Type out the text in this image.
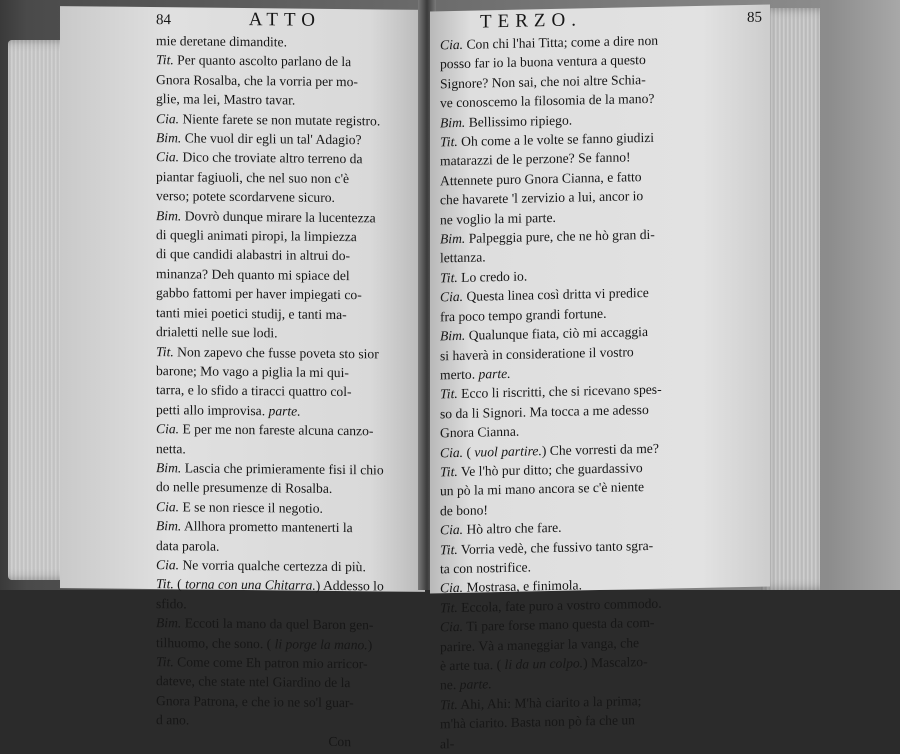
84	ATTO
mie deretane dimandite.
Tit. Per quanto ascolto parlano de la
Gnora Rosalba, che la vorria per mo-
glie, ma lei, Mastro tavar.
Cia. Niente farete se non mutate registro.
Bim. Che vuol dir egli un tal' Adagio?
Cia. Dico che troviate altro terreno da
piantar fagiuoli, che nel suo non c'è
verso; potete scordarvene sicuro.
Bim. Dovrò dunque mirare la lucentezza
di quegli animati piropi, la limpiezza
di que candidi alabastri in altrui do-
minanza? Deh quanto mi spiace del
gabbo fattomi per haver impiegati co-
tanti miei poetici studij, e tanti ma-
drialetti nelle sue lodi.
Tit. Non zapevo che fusse poveta sto sior
barone; Mo vago a piglia la mi qui-
tarra, e lo sfido a tiracci quattro col-
petti allo improvisa. parte.
Cia. E per me non fareste alcuna canzo-
netta.
Bim. Lascia che primieramente fisi il chio
do nelle presumenze di Rosalba.
Cia. E se non riesce il negotio.
Bim. Allhora prometto mantenerti la
data parola.
Cia. Ne vorria qualche certezza di più.
Tit. ( torna con una Chitarra.) Addesso lo
sfido.
Bim. Eccoti la mano da quel Baron gen-
tilhuomo, che sono. ( li porge la mano.)
Tit. Come come Eh patron mio arricor-
dateve, che state ntel Giardino de la
Gnora Patrona, e che io ne so'l guar-
d ano.
Con
TERZO.	85
Cia. Con chi l'hai Titta; come a dire non
posso far io la buona ventura a questo
Signore? Non sai, che noi altre Schia-
ve conoscemo la filosomia de la mano?
Bim. Bellissimo ripiego.
Tit. Oh come a le volte se fanno giudizi
matarazzi de le perzone? Se fanno!
Attennete puro Gnora Cianna, e fatto
che havarete 'l zervizio a lui, ancor io
ne voglio la mi parte.
Bim. Palpeggia pure, che ne hò gran di-
lettanza.
Tit. Lo credo io.
Cia. Questa linea così dritta vi predice
fra poco tempo grandi fortune.
Bim. Qualunque fiata, ciò mi accaggia
si haverà in consideratione il vostro
merto. parte.
Tit. Ecco li riscritti, che si ricevano spes-
so da li Signori. Ma tocca a me adesso
Gnora Cianna.
Cia. ( vuol partire.) Che vorresti da me?
Tit. Ve l'hò pur ditto; che guardassivo
un pò la mi mano ancora se c'è niente
de bono!
Cia. Hò altro che fare.
Tit. Vorria vedè, che fussivo tanto sgra-
ta con nostrifice.
Cia. Mostrasa, e finimola.
Tit. Eccola, fate puro a vostro commodo.
Cia. Ti pare forse mano questa da com-
parire. Và a maneggiar la vanga, che
è arte tua. ( li da un colpo.) Mascalzo-
ne. parte.
Tit. Ahi, Ahi: M'hà ciarito a la prima;
m'hà ciarito. Basta non pò fa che un
al-
